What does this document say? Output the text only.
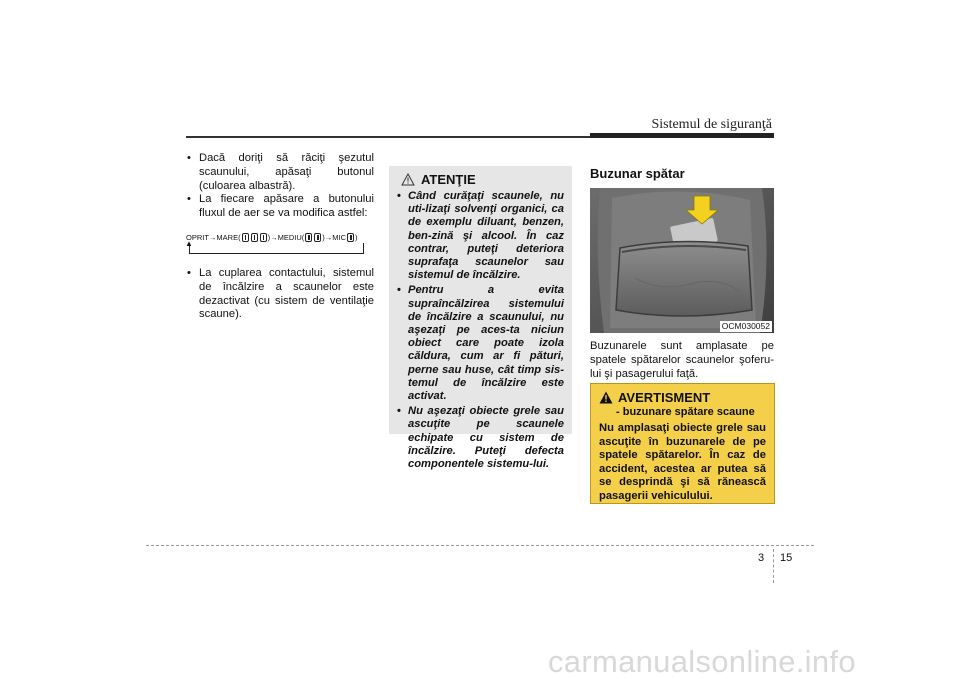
Sistemul de siguranţă

• Dacă doriţi să răciţi şezutul scaunului, apăsaţi butonul (culoarea albastră).

• La fiecare apăsare a butonului fluxul de aer se va modifica astfel:

OPRIT → MARE(	) → MEDIU( ) → MIC )
▲

• La cuplarea contactului, sistemul de încălzire a scaunelor este dezactivat (cu sistem de ventilaţie scaune).

ATENŢIE

• Când curăţaţi scaunele, nu uti-lizaţi solvenţi organici, ca de exemplu diluant, benzen, ben-zină şi alcool. În caz contrar, puteţi deteriora suprafaţa scaunelor sau sistemul de încălzire.

• Pentru a evita supraîncălzirea sistemului de încălzire a scaunului, nu aşezaţi pe aces-ta niciun obiect care poate izola căldura, cum ar fi pături, perne sau huse, cât timp sis-temul de încălzire este activat.

• Nu aşezaţi obiecte grele sau ascuţite pe scaunele echipate cu sistem de încălzire. Puteţi defecta componentele sistemu-lui.

Buzunar spătar
OCM030052

Buzunarele sunt amplasate pe spatele spătarelor scaunelor şoferu-lui şi pasagerului faţă.

AVERTISMENT
- buzunare spătare scaune

Nu amplasaţi obiecte grele sau ascuţite în buzunarele de pe spatele spătarelor. În caz de accident, acestea ar putea să se desprindă şi să rănească pasagerii vehiculului.

3 15
carmanualsonline.info
